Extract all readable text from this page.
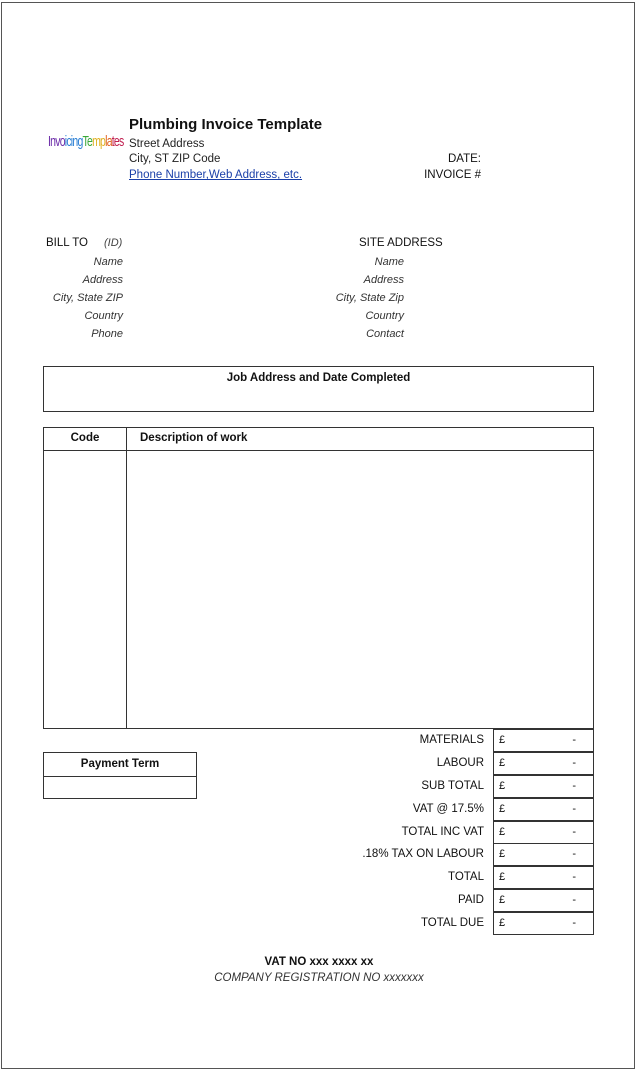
InvoicingTemplates
Plumbing Invoice Template
Street Address
City, ST ZIP Code
Phone Number,Web Address, etc.
DATE:
INVOICE #
BILL TO (ID)
Name
Address
City, State ZIP
Country
Phone
SITE ADDRESS
Name
Address
City, State Zip
Country
Contact
Job Address and Date Completed
Code	Description of work
Payment Term
MATERIALS £	-
LABOUR £	-
SUB TOTAL £	-
VAT @ 17.5% £	-
TOTAL INC VAT £	-
.18% TAX ON LABOUR £	-
TOTAL £	-
PAID £	-
TOTAL DUE £	-
VAT NO xxx xxxx xx
COMPANY REGISTRATION NO xxxxxxx
